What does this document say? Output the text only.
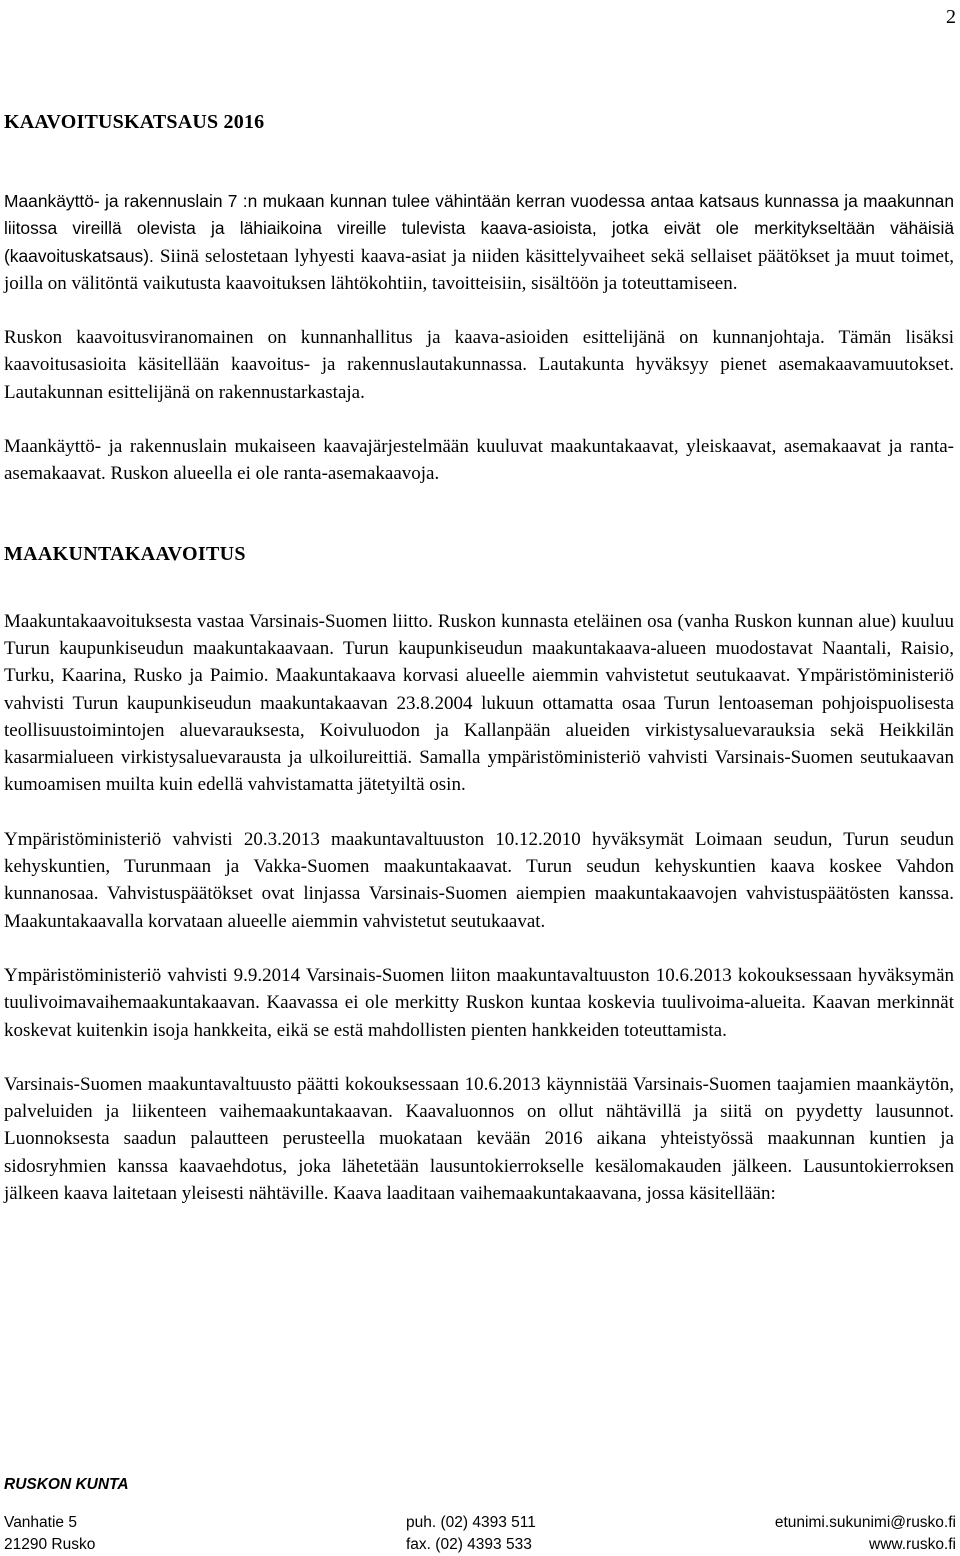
2
KAAVOITUSKATSAUS 2016

Maankäyttö- ja rakennuslain 7 :n mukaan kunnan tulee vähintään kerran vuodessa antaa katsaus kunnassa ja maakunnan liitossa vireillä olevista ja lähiaikoina vireille tulevista kaava-asioista, jotka eivät ole merkitykseltään vähäisiä (kaavoituskatsaus). Siinä selostetaan lyhyesti kaava-asiat ja niiden käsittelyvaiheet sekä sellaiset päätökset ja muut toimet, joilla on välitöntä vaikutusta kaavoituksen lähtökohtiin, tavoitteisiin, sisältöön ja toteuttamiseen.

Ruskon kaavoitusviranomainen on kunnanhallitus ja kaava-asioiden esittelijänä on kunnanjohtaja. Tämän lisäksi kaavoitusasioita käsitellään kaavoitus- ja rakennuslautakunnassa. Lautakunta hyväksyy pienet asemakaavamuutokset. Lautakunnan esittelijänä on rakennustarkastaja.

Maankäyttö- ja rakennuslain mukaiseen kaavajärjestelmään kuuluvat maakuntakaavat, yleiskaavat, asemakaavat ja ranta-asemakaavat. Ruskon alueella ei ole ranta-asemakaavoja.

MAAKUNTAKAAVOITUS

Maakuntakaavoituksesta vastaa Varsinais-Suomen liitto. Ruskon kunnasta eteläinen osa (vanha Ruskon kunnan alue) kuuluu Turun kaupunkiseudun maakuntakaavaan. Turun kaupunkiseudun maakuntakaava-alueen muodostavat Naantali, Raisio, Turku, Kaarina, Rusko ja Paimio. Maakuntakaava korvasi alueelle aiemmin vahvistetut seutukaavat. Ympäristöministeriö vahvisti Turun kaupunkiseudun maakuntakaavan 23.8.2004 lukuun ottamatta osaa Turun lentoaseman pohjoispuolisesta teollisuustoimintojen aluevarauksesta, Koivuluodon ja Kallanpään alueiden virkistysaluevarauksia sekä Heikkilän kasarmialueen virkistysaluevarausta ja ulkoilureittiä. Samalla ympäristöministeriö vahvisti Varsinais-Suomen seutukaavan kumoamisen muilta kuin edellä vahvistamatta jätetyiltä osin.

Ympäristöministeriö vahvisti 20.3.2013 maakuntavaltuuston 10.12.2010 hyväksymät Loimaan seudun, Turun seudun kehyskuntien, Turunmaan ja Vakka-Suomen maakuntakaavat. Turun seudun kehyskuntien kaava koskee Vahdon kunnanosaa. Vahvistuspäätökset ovat linjassa Varsinais-Suomen aiempien maakuntakaavojen vahvistuspäätösten kanssa. Maakuntakaavalla korvataan alueelle aiemmin vahvistetut seutukaavat.

Ympäristöministeriö vahvisti 9.9.2014 Varsinais-Suomen liiton maakuntavaltuuston 10.6.2013 kokouksessaan hyväksymän tuulivoimavaihemaakuntakaavan. Kaavassa ei ole merkitty Ruskon kuntaa koskevia tuulivoima-alueita. Kaavan merkinnät koskevat kuitenkin isoja hankkeita, eikä se estä mahdollisten pienten hankkeiden toteuttamista.

Varsinais-Suomen maakuntavaltuusto päätti kokouksessaan 10.6.2013 käynnistää Varsinais-Suomen taajamien maankäytön, palveluiden ja liikenteen vaihemaakuntakaavan. Kaavaluonnos on ollut nähtävillä ja siitä on pyydetty lausunnot. Luonnoksesta saadun palautteen perusteella muokataan kevään 2016 aikana yhteistyössä maakunnan kuntien ja sidosryhmien kanssa kaavaehdotus, joka lähetetään lausuntokierrokselle kesälomakauden jälkeen. Lausuntokierroksen jälkeen kaava laitetaan yleisesti nähtäville. Kaava laaditaan vaihemaakuntakaavana, jossa käsitellään:

RUSKON KUNTA
Vanhatie 5	puh. (02) 4393 511	etunimi.sukunimi@rusko.fi
21290 Rusko	fax. (02) 4393 533	www.rusko.fi
